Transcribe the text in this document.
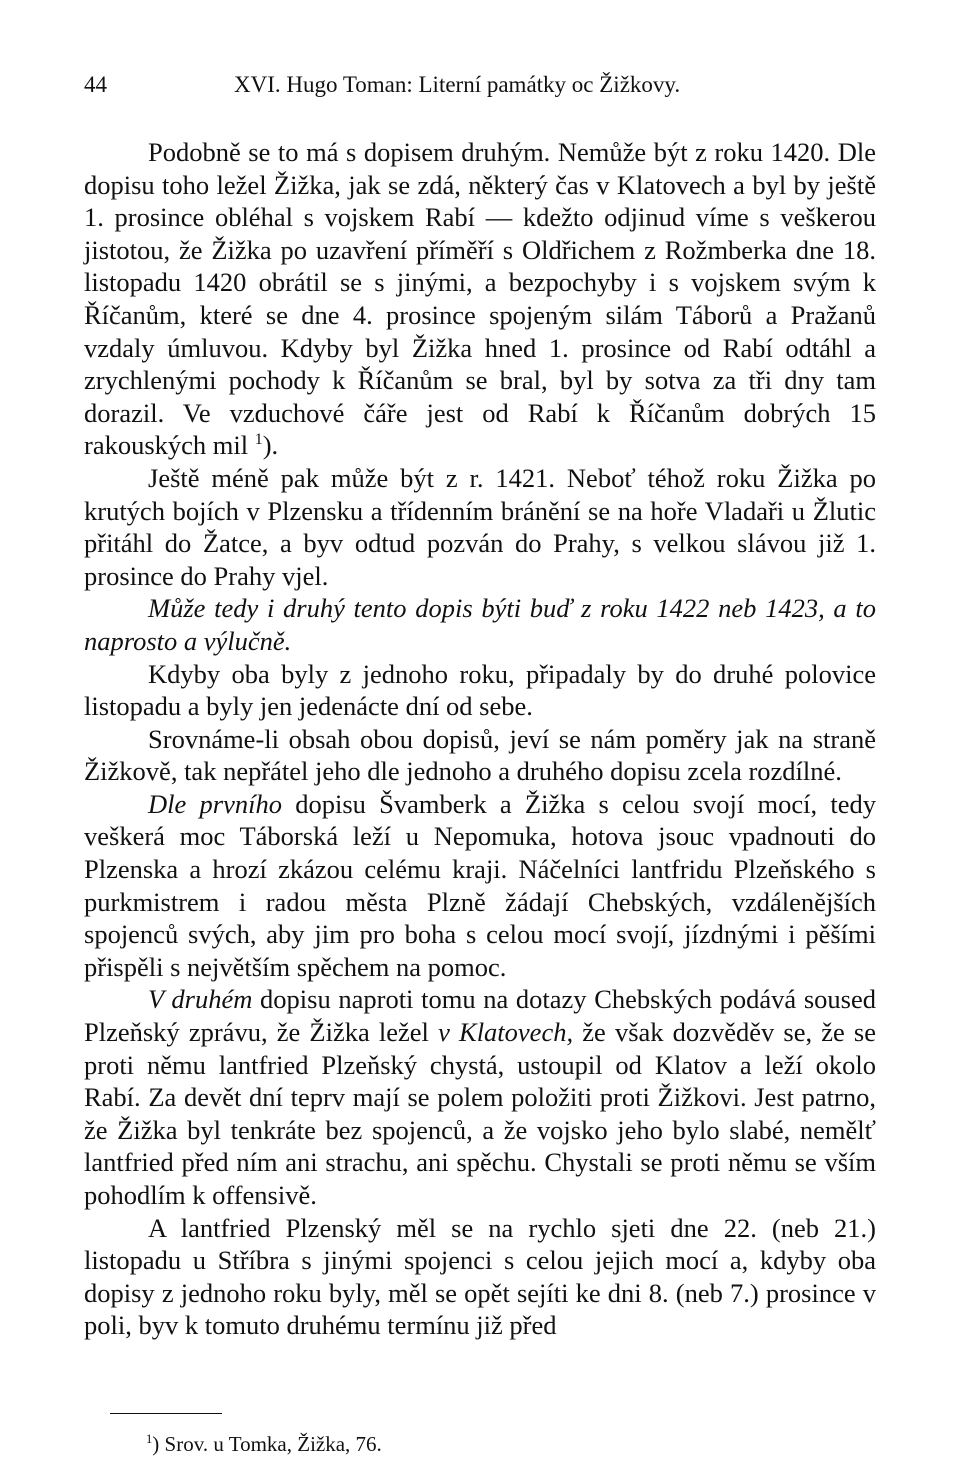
44	XVI. Hugo Toman: Literní památky oc Žižkovy.

Podobně se to má s dopisem druhým. Nemůže být z roku 1420. Dle dopisu toho ležel Žižka, jak se zdá, některý čas v Klatovech a byl by ještě 1. prosince obléhal s vojskem Rabí — kdežto odjinud víme s veškerou jistotou, že Žižka po uzavření příměří s Oldřichem z Rožmberka dne 18. listopadu 1420 obrátil se s jinými, a bezpochyby i s vojskem svým k Říčanům, které se dne 4. prosince spojeným silám Táborů a Pražanů vzdaly úmluvou. Kdyby byl Žižka hned 1. prosince od Rabí odtáhl a zrychlenými pochody k Říčanům se bral, byl by sotva za tři dny tam dorazil. Ve vzduchové čáře jest od Rabí k Říčanům dobrých 15 rakouských mil $^1$).

Ještě méně pak může být z r. 1421. Neboť téhož roku Žižka po krutých bojích v Plzensku a třídenním bránění se na hoře Vladaři u Žlutic přitáhl do Žatce, a byv odtud pozván do Prahy, s velkou slávou již 1. prosince do Prahy vjel.

Může tedy i druhý tento dopis býti buď z roku 1422 neb 1423, a to naprosto a výlučně.

Kdyby oba byly z jednoho roku, připadaly by do druhé polovice listopadu a byly jen jedenácte dní od sebe.

Srovnáme-li obsah obou dopisů, jeví se nám poměry jak na straně Žižkově, tak nepřátel jeho dle jednoho a druhého dopisu zcela rozdílné.

Dle prvního dopisu Švamberk a Žižka s celou svojí mocí, tedy veškerá moc Táborská leží u Nepomuka, hotova jsouc vpadnouti do Plzenska a hrozí zkázou celému kraji. Náčelníci lantfridu Plzeňského s purkmistrem i radou města Plzně žádají Chebských, vzdálenějších spojenců svých, aby jim pro boha s celou mocí svojí, jízdnými i pěšími přispěli s největším spěchem na pomoc.

V druhém dopisu naproti tomu na dotazy Chebských podává soused Plzeňský zprávu, že Žižka ležel v Klatovech, že však dozvěděv se, že se proti němu lantfried Plzeňský chystá, ustoupil od Klatov a leží okolo Rabí. Za devět dní teprv mají se polem položiti proti Žižkovi. Jest patrno, že Žižka byl tenkráte bez spojenců, a že vojsko jeho bylo slabé, nemělť lantfried před ním ani strachu, ani spěchu. Chystali se proti němu se vším pohodlím k offensivě.

A lantfried Plzenský měl se na rychlo sjeti dne 22. (neb 21.) listopadu u Stříbra s jinými spojenci s celou jejich mocí a, kdyby oba dopisy z jednoho roku byly, měl se opět sejíti ke dni 8. (neb 7.) prosince v poli, byv k tomuto druhému termínu již před

$^1$) Srov. u Tomka, Žižka, 76.
